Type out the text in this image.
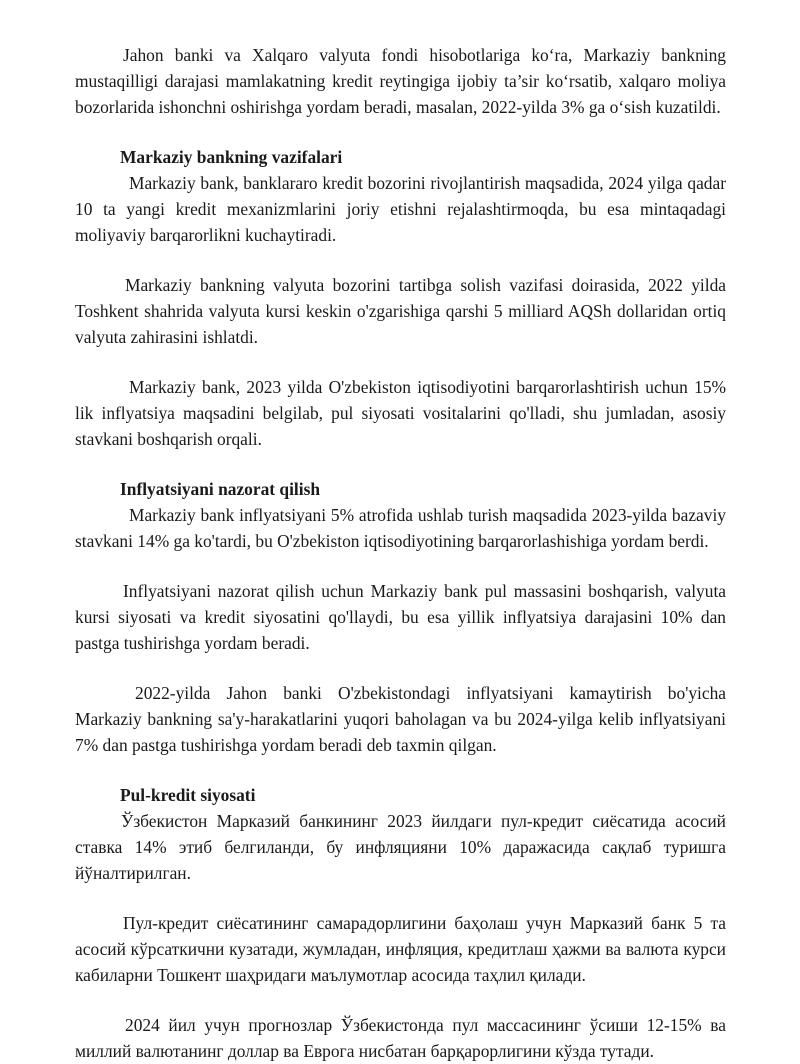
Jahon banki va Xalqaro valyuta fondi hisobotlariga ko‘ra, Markaziy bankning mustaqilligi darajasi mamlakatning kredit reytingiga ijobiy ta’sir ko‘rsatib, xalqaro moliya bozorlarida ishonchni oshirishga yordam beradi, masalan, 2022-yilda 3% ga o‘sish kuzatildi.

Markaziy bankning vazifalari

Markaziy bank, banklararo kredit bozorini rivojlantirish maqsadida, 2024 yilga qadar 10 ta yangi kredit mexanizmlarini joriy etishni rejalashtirmoqda, bu esa mintaqadagi moliyaviy barqarorlikni kuchaytiradi.

Markaziy bankning valyuta bozorini tartibga solish vazifasi doirasida, 2022 yilda Toshkent shahrida valyuta kursi keskin o'zgarishiga qarshi 5 milliard AQSh dollaridan ortiq valyuta zahirasini ishlatdi.

Markaziy bank, 2023 yilda O'zbekiston iqtisodiyotini barqarorlashtirish uchun 15% lik inflyatsiya maqsadini belgilab, pul siyosati vositalarini qo'lladi, shu jumladan, asosiy stavkani boshqarish orqali.

Inflyatsiyani nazorat qilish

Markaziy bank inflyatsiyani 5% atrofida ushlab turish maqsadida 2023-yilda bazaviy stavkani 14% ga ko'tardi, bu O'zbekiston iqtisodiyotining barqarorlashishiga yordam berdi.

Inflyatsiyani nazorat qilish uchun Markaziy bank pul massasini boshqarish, valyuta kursi siyosati va kredit siyosatini qo'llaydi, bu esa yillik inflyatsiya darajasini 10% dan pastga tushirishga yordam beradi.

2022-yilda Jahon banki O'zbekistondagi inflyatsiyani kamaytirish bo'yicha Markaziy bankning sa'y-harakatlarini yuqori baholagan va bu 2024-yilga kelib inflyatsiyani 7% dan pastga tushirishga yordam beradi deb taxmin qilgan.

Pul-kredit siyosati

Ўзбекистон Марказий банкининг 2023 йилдаги пул-кредит сиёсатида асосий ставка 14% этиб белгиланди, бу инфляцияни 10% даражасида сақлаб туришга йўналтирилган.

Пул-кредит сиёсатининг самарадорлигини баҳолаш учун Марказий банк 5 та асосий кўрсаткични кузатади, жумладан, инфляция, кредитлаш ҳажми ва валюта курси кабиларни Тошкент шаҳридаги маълумотлар асосида таҳлил қилади.

2024 йил учун прогнозлар Ўзбекистонда пул массасининг ўсиши 12-15% ва миллий валютанинг доллар ва Еврога нисбатан барқарорлигини кўзда тутади.
